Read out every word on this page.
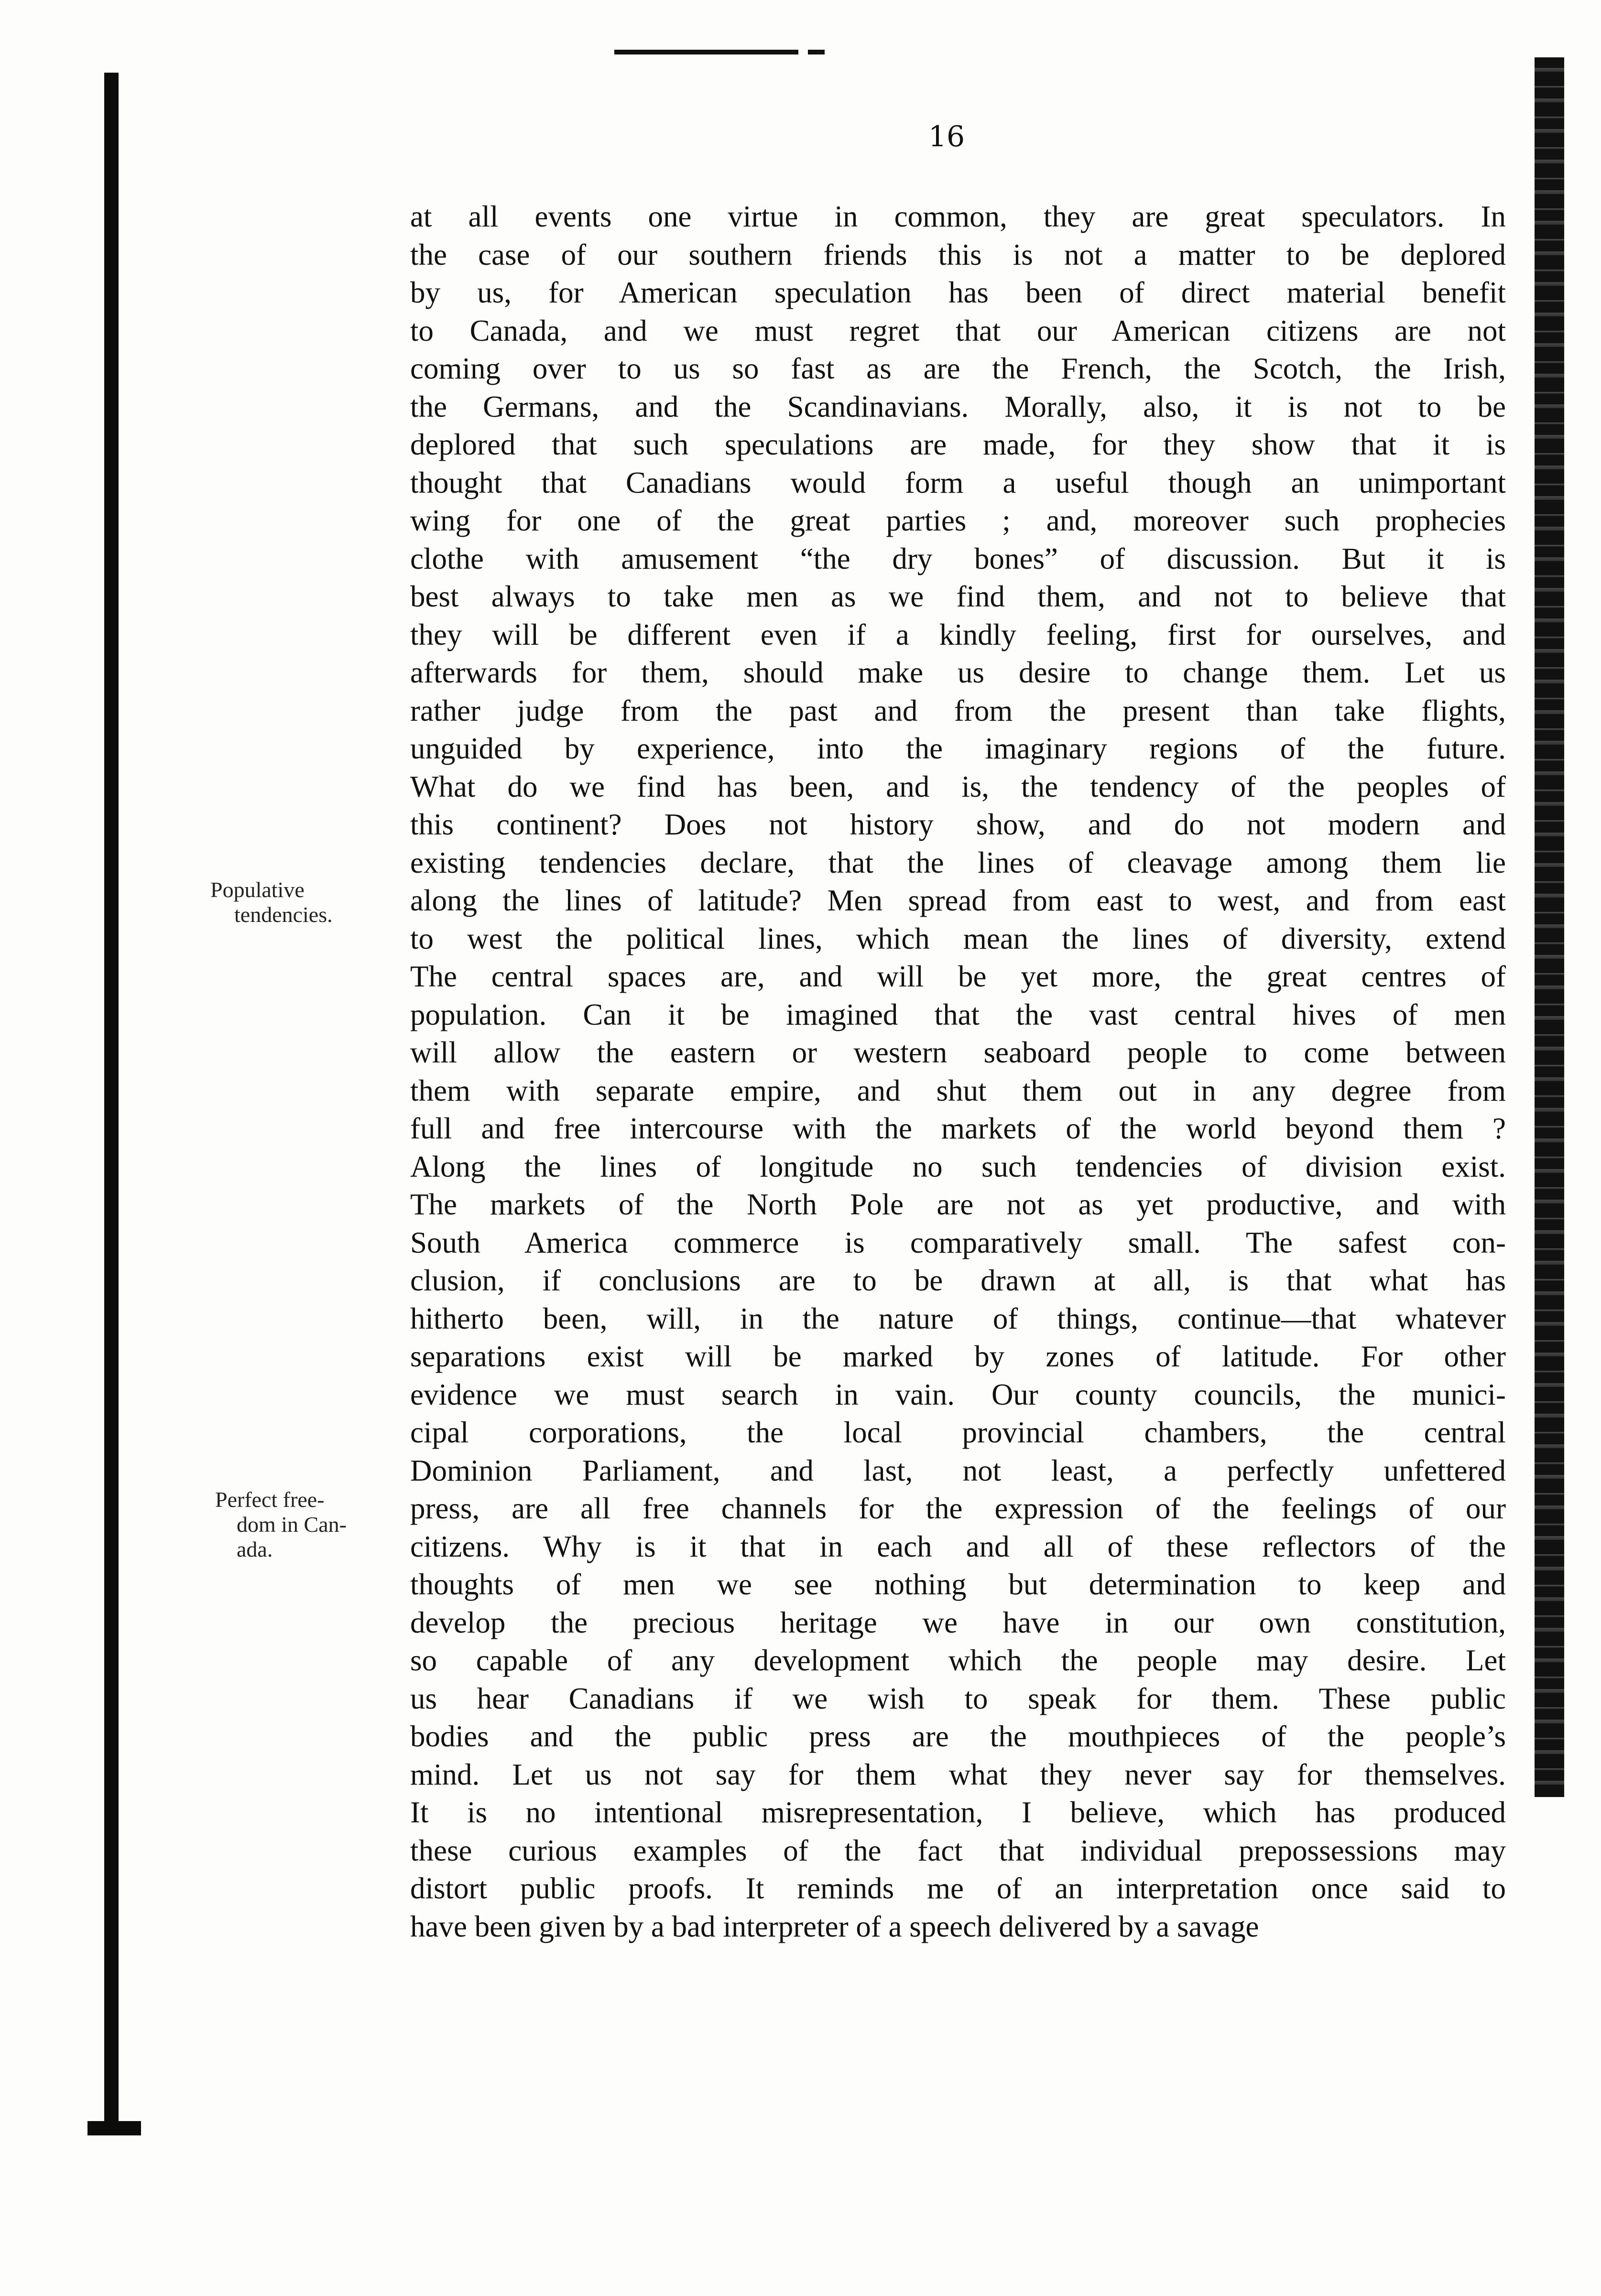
16
Populative
tendencies.
Perfect free-
dom in Can-
ada.
at all events one virtue in common, they are great speculators. In
the case of our southern friends this is not a matter to be deplored
by us, for American speculation has been of direct material benefit
to Canada, and we must regret that our American citizens are not
coming over to us so fast as are the French, the Scotch, the Irish,
the Germans, and the Scandinavians. Morally, also, it is not to be
deplored that such speculations are made, for they show that it is
thought that Canadians would form a useful though an unimportant
wing for one of the great parties ; and, moreover such prophecies
clothe with amusement “the dry bones” of discussion. But it is
best always to take men as we find them, and not to believe that
they will be different even if a kindly feeling, first for ourselves, and
afterwards for them, should make us desire to change them. Let us
rather judge from the past and from the present than take flights,
unguided by experience, into the imaginary regions of the future.
What do we find has been, and is, the tendency of the peoples of
this continent? Does not history show, and do not modern and
existing tendencies declare, that the lines of cleavage among them lie
along the lines of latitude? Men spread from east to west, and from east
to west the political lines, which mean the lines of diversity, extend
The central spaces are, and will be yet more, the great centres of
population. Can it be imagined that the vast central hives of men
will allow the eastern or western seaboard people to come between
them with separate empire, and shut them out in any degree from
full and free intercourse with the markets of the world beyond them ?
Along the lines of longitude no such tendencies of division exist.
The markets of the North Pole are not as yet productive, and with
South America commerce is comparatively small. The safest con-
clusion, if conclusions are to be drawn at all, is that what has
hitherto been, will, in the nature of things, continue—that whatever
separations exist will be marked by zones of latitude. For other
evidence we must search in vain. Our county councils, the munici-
cipal corporations, the local provincial chambers, the central
Dominion Parliament, and last, not least, a perfectly unfettered
press, are all free channels for the expression of the feelings of our
citizens. Why is it that in each and all of these reflectors of the
thoughts of men we see nothing but determination to keep and
develop the precious heritage we have in our own constitution,
so capable of any development which the people may desire. Let
us hear Canadians if we wish to speak for them. These public
bodies and the public press are the mouthpieces of the people’s
mind. Let us not say for them what they never say for themselves.
It is no intentional misrepresentation, I believe, which has produced
these curious examples of the fact that individual prepossessions may
distort public proofs. It reminds me of an interpretation once said to
have been given by a bad interpreter of a speech delivered by a savage
